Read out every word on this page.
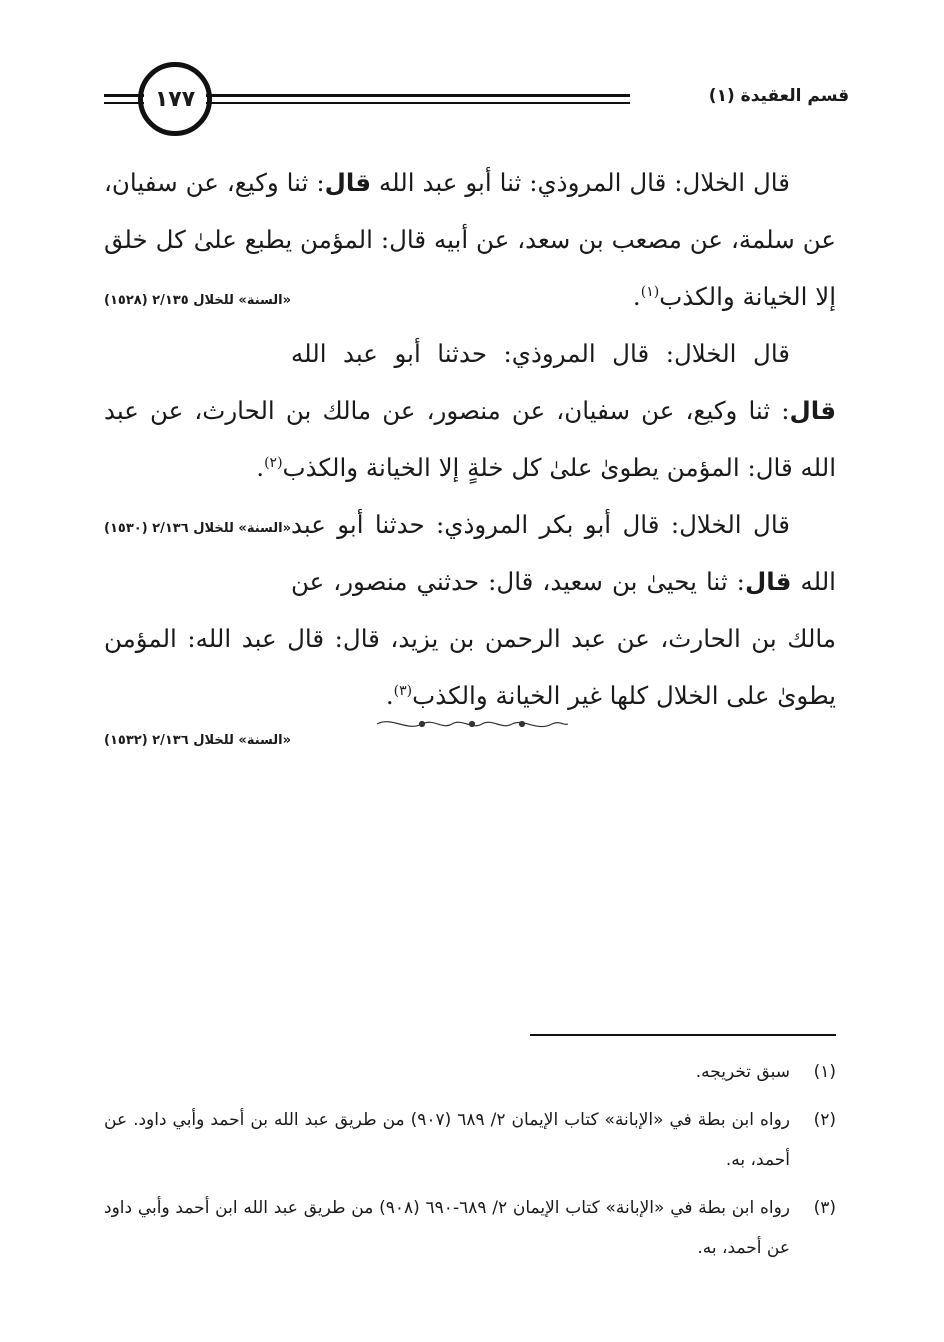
١٧٧	قسم العقيدة (١)

قال الخلال: قال المروذي: ثنا أبو عبد الله قال: ثنا وكيع، عن سفيان، عن سلمة، عن مصعب بن سعد، عن أبيه قال: المؤمن يطبع علىٰ كل خلق إلا الخيانة والكذب$^{(١)}$.
«السنة» للخلال ٢/١٣٥ (١٥٢٨)

قال الخلال: قال المروذي: حدثنا أبو عبد الله قال: ثنا وكيع، عن سفيان، عن منصور، عن مالك بن الحارث، عن عبد الله قال: المؤمن يطوىٰ علىٰ كل خلةٍ إلا الخيانة والكذب$^{(٢)}$.
«السنة» للخلال ٢/١٣٦ (١٥٣٠) قال الخلال: قال أبو بكر المروذي: حدثنا أبو عبد الله قال: ثنا يحيىٰ بن سعيد، قال: حدثني منصور، عن مالك بن الحارث، عن عبد الرحمن بن يزيد، قال: قال عبد الله: المؤمن يطوىٰ على الخلال كلها غير الخيانة والكذب$^{(٣)}$.

«السنة» للخلال ٢/١٣٦ (١٥٣٢)
(١)
سبق تخريجه.
(٢)
رواه ابن بطة في «الإبانة» كتاب الإيمان ٢/ ٦٨٩ (٩٠٧) من طريق عبد الله بن أحمد وأبي داود. عن أحمد، به.
(٣)
رواه ابن بطة في «الإبانة» كتاب الإيمان ٢/ ٦٨٩-٦٩٠ (٩٠٨) من طريق عبد الله ابن أحمد وأبي داود عن أحمد، به.
